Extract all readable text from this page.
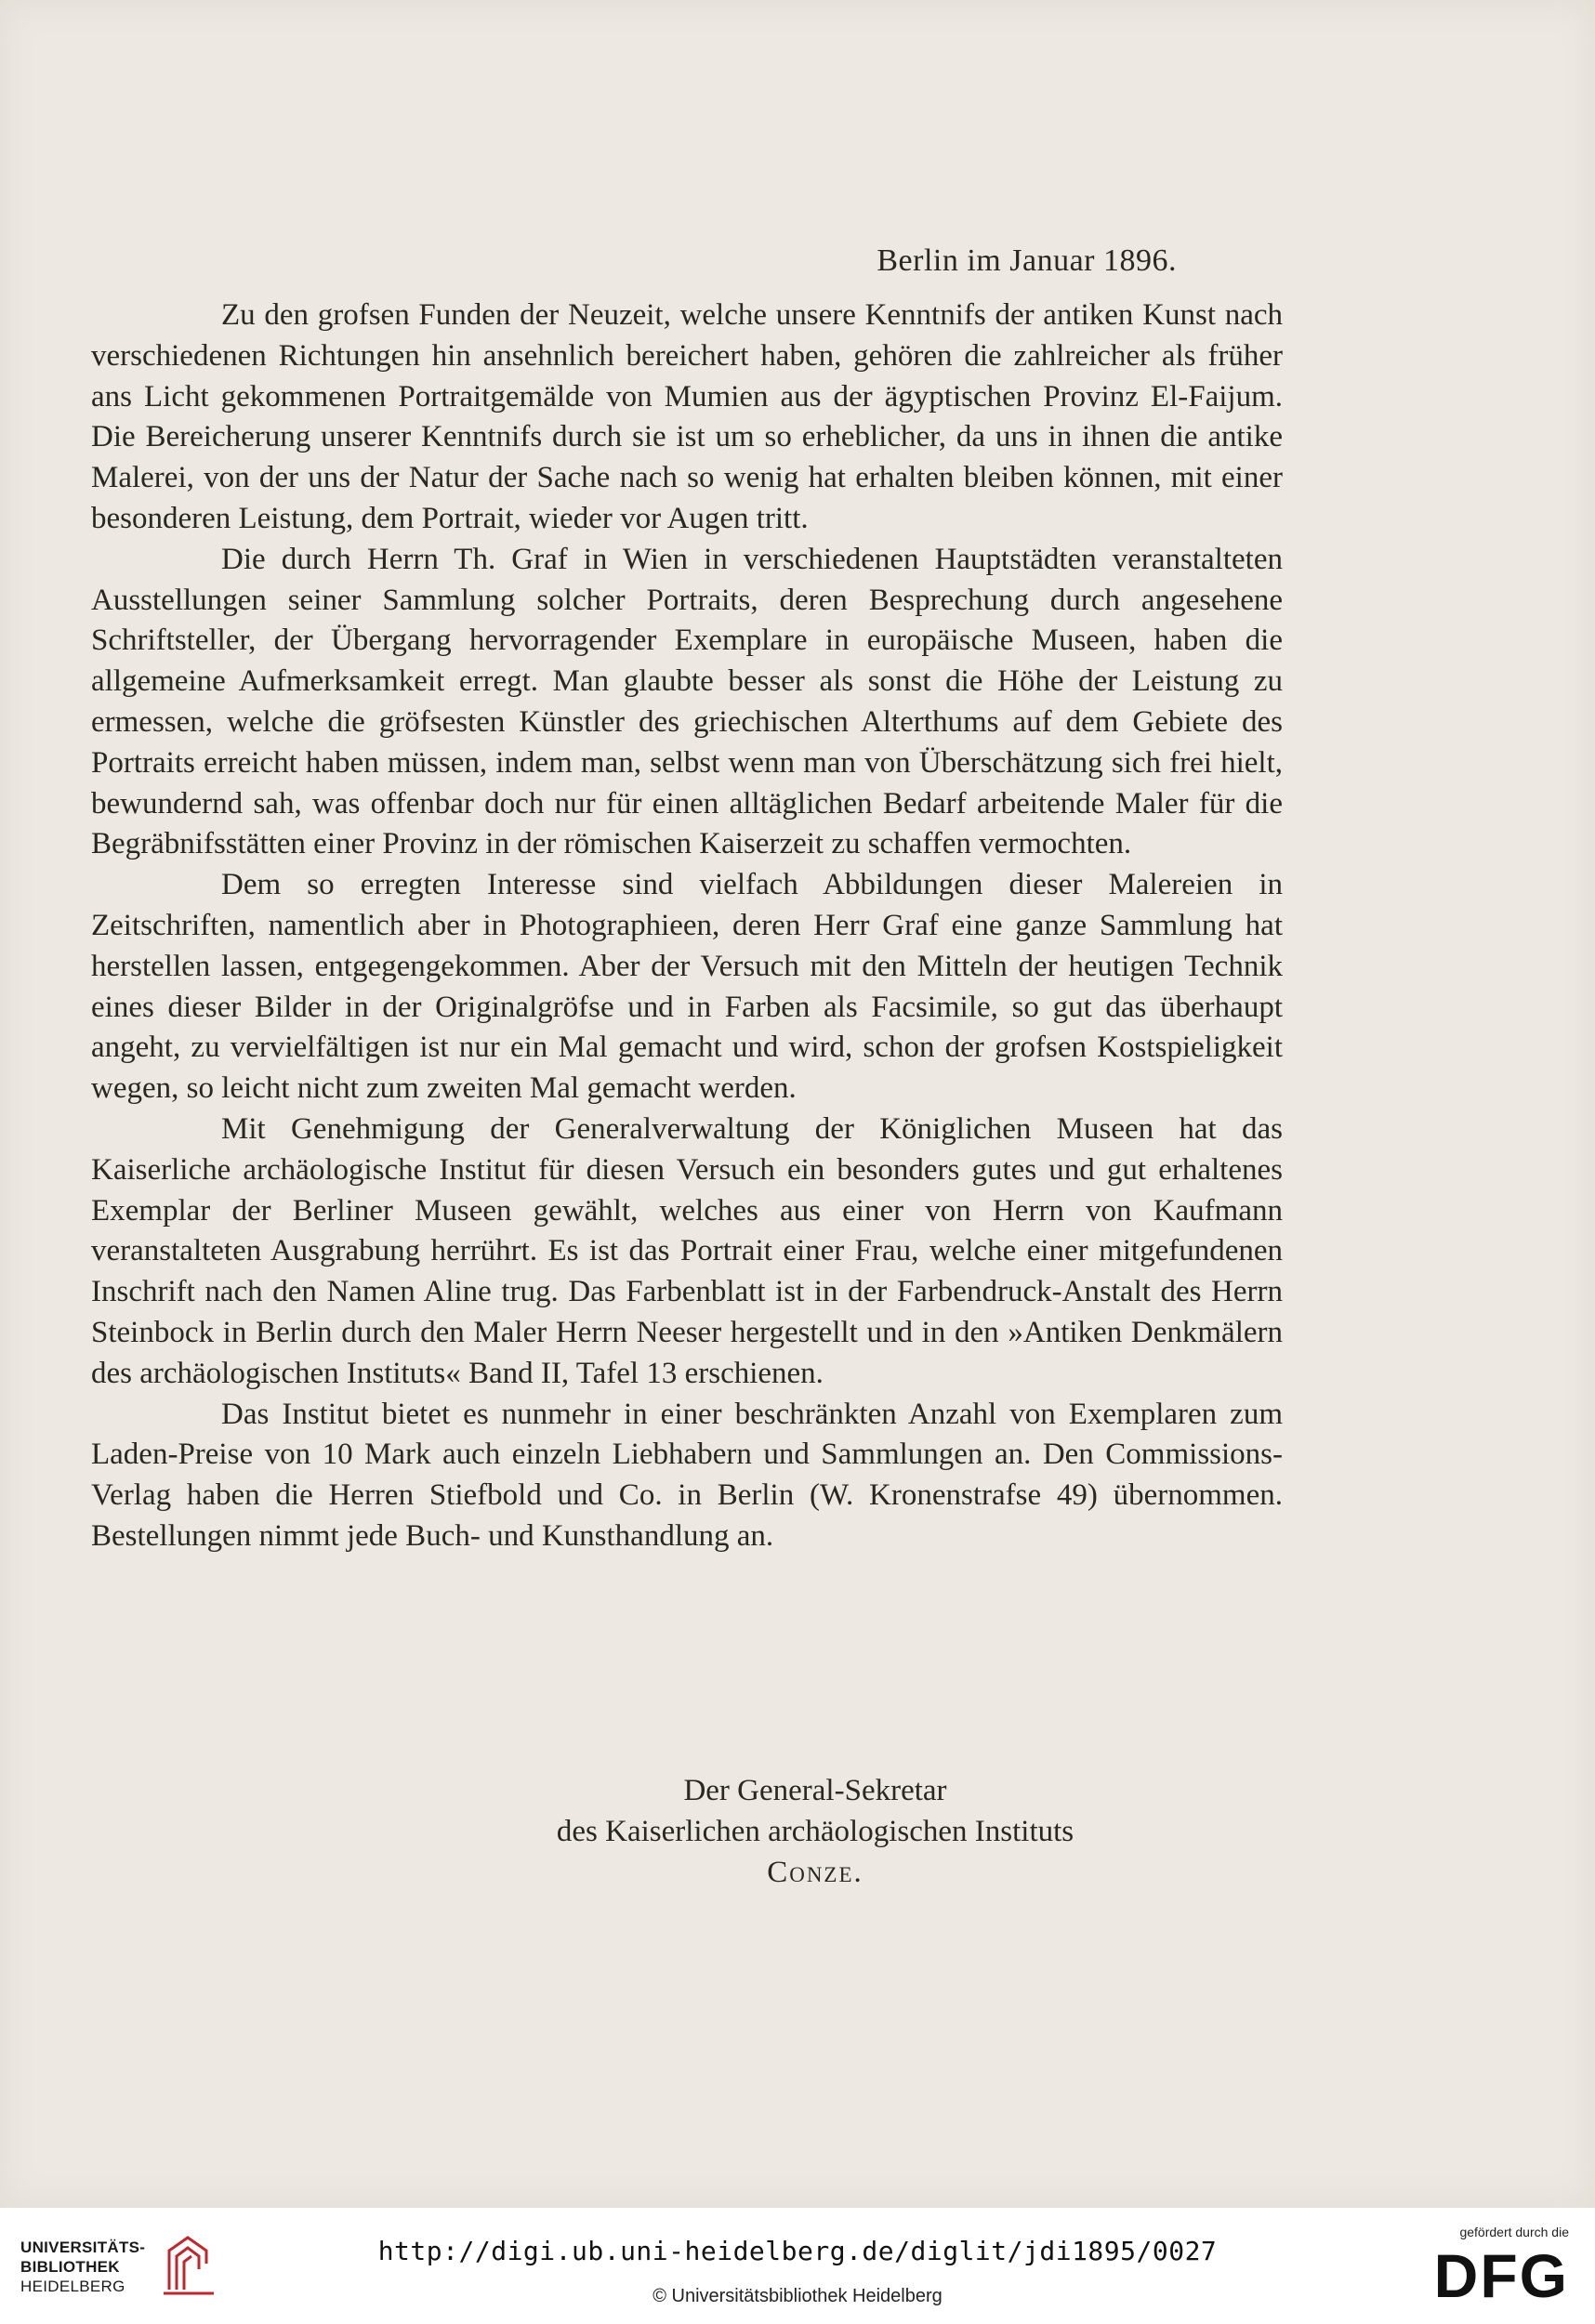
Berlin im Januar 1896.

Zu den grofsen Funden der Neuzeit, welche unsere Kenntnifs der antiken Kunst nach verschiedenen Richtungen hin ansehnlich bereichert haben, gehören die zahlreicher als früher ans Licht gekommenen Portraitgemälde von Mumien aus der ägyptischen Provinz El-Faijum. Die Bereicherung unserer Kenntnifs durch sie ist um so erheblicher, da uns in ihnen die antike Malerei, von der uns der Natur der Sache nach so wenig hat erhalten bleiben können, mit einer besonderen Leistung, dem Portrait, wieder vor Augen tritt.

Die durch Herrn Th. Graf in Wien in verschiedenen Hauptstädten veranstalteten Ausstellungen seiner Sammlung solcher Portraits, deren Besprechung durch angesehene Schriftsteller, der Übergang hervorragender Exemplare in europäische Museen, haben die allgemeine Aufmerksamkeit erregt. Man glaubte besser als sonst die Höhe der Leistung zu ermessen, welche die gröfsesten Künstler des griechischen Alterthums auf dem Gebiete des Portraits erreicht haben müssen, indem man, selbst wenn man von Überschätzung sich frei hielt, bewundernd sah, was offenbar doch nur für einen alltäglichen Bedarf arbeitende Maler für die Begräbnifsstätten einer Provinz in der römischen Kaiserzeit zu schaffen vermochten.

Dem so erregten Interesse sind vielfach Abbildungen dieser Malereien in Zeitschriften, namentlich aber in Photographieen, deren Herr Graf eine ganze Sammlung hat herstellen lassen, entgegengekommen. Aber der Versuch mit den Mitteln der heutigen Technik eines dieser Bilder in der Originalgröfse und in Farben als Facsimile, so gut das überhaupt angeht, zu vervielfältigen ist nur ein Mal gemacht und wird, schon der grofsen Kostspieligkeit wegen, so leicht nicht zum zweiten Mal gemacht werden.

Mit Genehmigung der Generalverwaltung der Königlichen Museen hat das Kaiserliche archäologische Institut für diesen Versuch ein besonders gutes und gut erhaltenes Exemplar der Berliner Museen gewählt, welches aus einer von Herrn von Kaufmann veranstalteten Ausgrabung herrührt. Es ist das Portrait einer Frau, welche einer mitgefundenen Inschrift nach den Namen Aline trug. Das Farbenblatt ist in der Farbendruck-Anstalt des Herrn Steinbock in Berlin durch den Maler Herrn Neeser hergestellt und in den »Antiken Denkmälern des archäologischen Instituts« Band II, Tafel 13 erschienen.

Das Institut bietet es nunmehr in einer beschränkten Anzahl von Exemplaren zum Laden-Preise von 10 Mark auch einzeln Liebhabern und Sammlungen an. Den Commissions-Verlag haben die Herren Stiefbold und Co. in Berlin (W. Kronenstrafse 49) übernommen. Bestellungen nimmt jede Buch- und Kunsthandlung an.

Der General-Sekretar
des Kaiserlichen archäologischen Instituts
Conze.
UNIVERSITÄTS-
BIBLIOTHEK
HEIDELBERG
http://digi.ub.uni-heidelberg.de/diglit/jdi1895/0027
© Universitätsbibliothek Heidelberg
gefördert durch die
DFG
